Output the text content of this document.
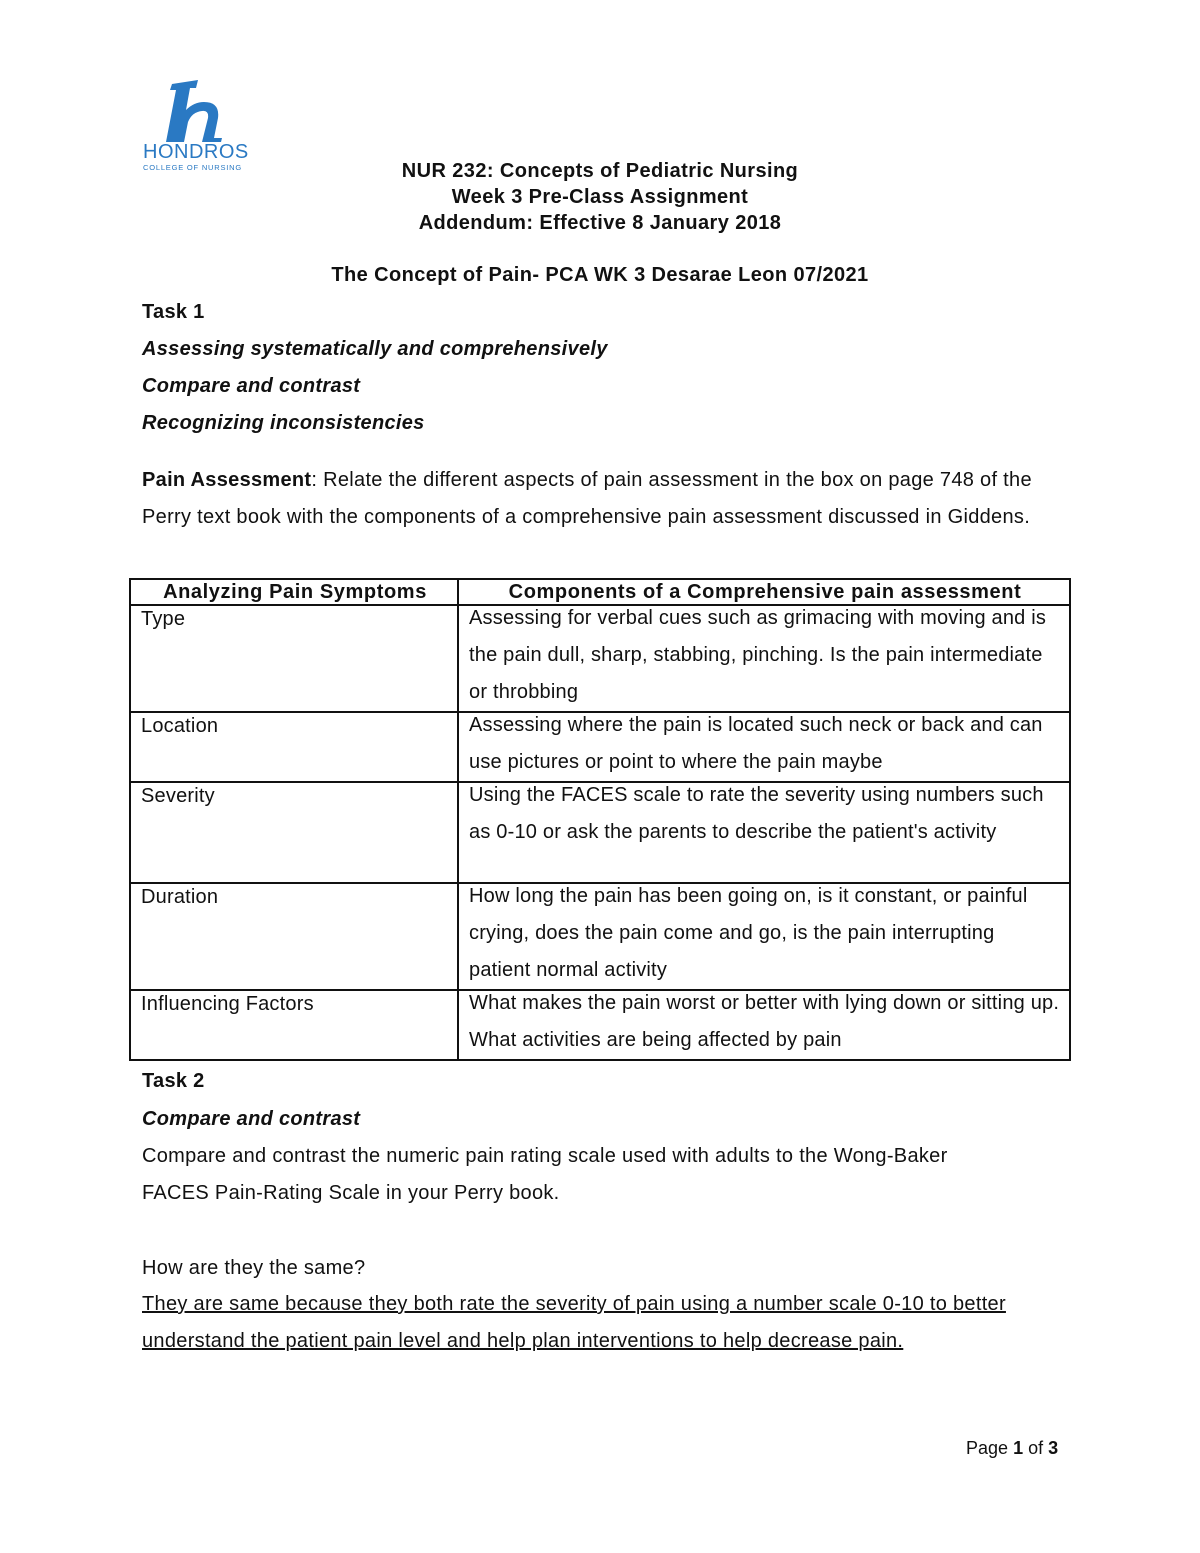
HONDROS
COLLEGE OF NURSING	NUR 232: Concepts of Pediatric Nursing
Week 3 Pre-Class Assignment
Addendum: Effective 8 January 2018
The Concept of Pain- PCA WK 3 Desarae Leon 07/2021
Task 1
Assessing systematically and comprehensively
Compare and contrast
Recognizing inconsistencies
Pain Assessment: Relate the different aspects of pain assessment in the box on page 748 of the Perry text book with the components of a comprehensive pain assessment discussed in Giddens.
Analyzing Pain Symptoms	Components of a Comprehensive pain assessment
Type	Assessing for verbal cues such as grimacing with moving and is the pain dull, sharp, stabbing, pinching. Is the pain intermediate or throbbing

Location	Assessing where the pain is located such neck or back and can use pictures or point to where the pain maybe

Severity	Using the FACES scale to rate the severity using numbers such as 0-10 or ask the parents to describe the patient's activity

Duration	How long the pain has been going on, is it constant, or painful crying, does the pain come and go, is the pain interrupting patient normal activity

Influencing Factors	What makes the pain worst or better with lying down or sitting up. What activities are being affected by pain
Task 2
Compare and contrast
Compare and contrast the numeric pain rating scale used with adults to the Wong-Baker FACES Pain-Rating Scale in your Perry book.
How are they the same?
They are same because they both rate the severity of pain using a number scale 0-10 to better understand the patient pain level and help plan interventions to help decrease pain.
Page 1 of 3
